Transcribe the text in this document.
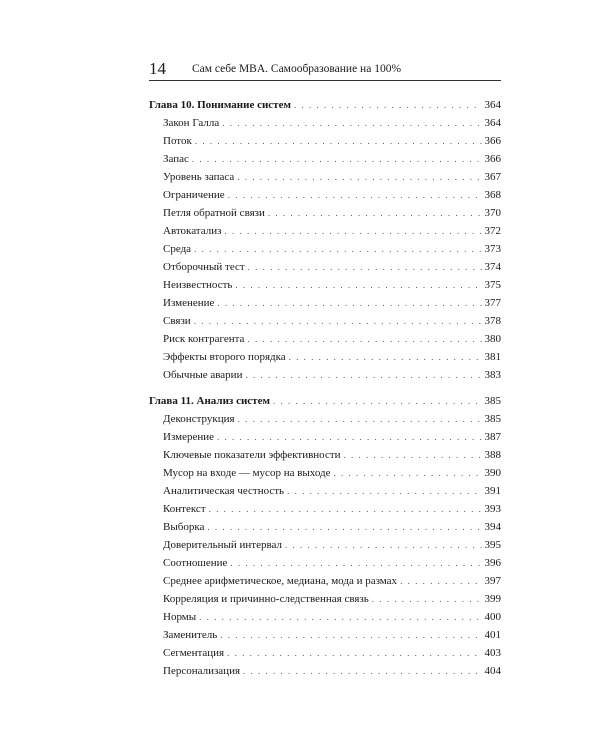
14 Сам себе MBA. Самообразование на 100%
Глава 10. Понимание систем . . .	364
Закон Галла . . .	364
Поток . . .	366
Запас . . .	366
Уровень запаса . . .	367
Ограничение . . .	368
Петля обратной связи . . .	370
Автокатализ . . .	372
Среда . . .	373
Отборочный тест . . .	374
Неизвестность . . .	375
Изменение . . .	377
Связи . . .	378
Риск контрагента . . .	380
Эффекты второго порядка . . .	381
Обычные аварии . . .	383
Глава 11. Анализ систем . . .	385
Деконструкция . . .	385
Измерение . . .	387
Ключевые показатели эффективности . . .	388
Мусор на входе — мусор на выходе . . .	390
Аналитическая честность . . .	391
Контекст . . .	393
Выборка . . .	394
Доверительный интервал . . .	395
Соотношение . . .	396
Среднее арифметическое, медиана, мода и размах . . .	397
Корреляция и причинно-следственная связь . . .	399
Нормы . . .	400
Заменитель . . .	401
Сегментация . . .	403
Персонализация . . .	404
